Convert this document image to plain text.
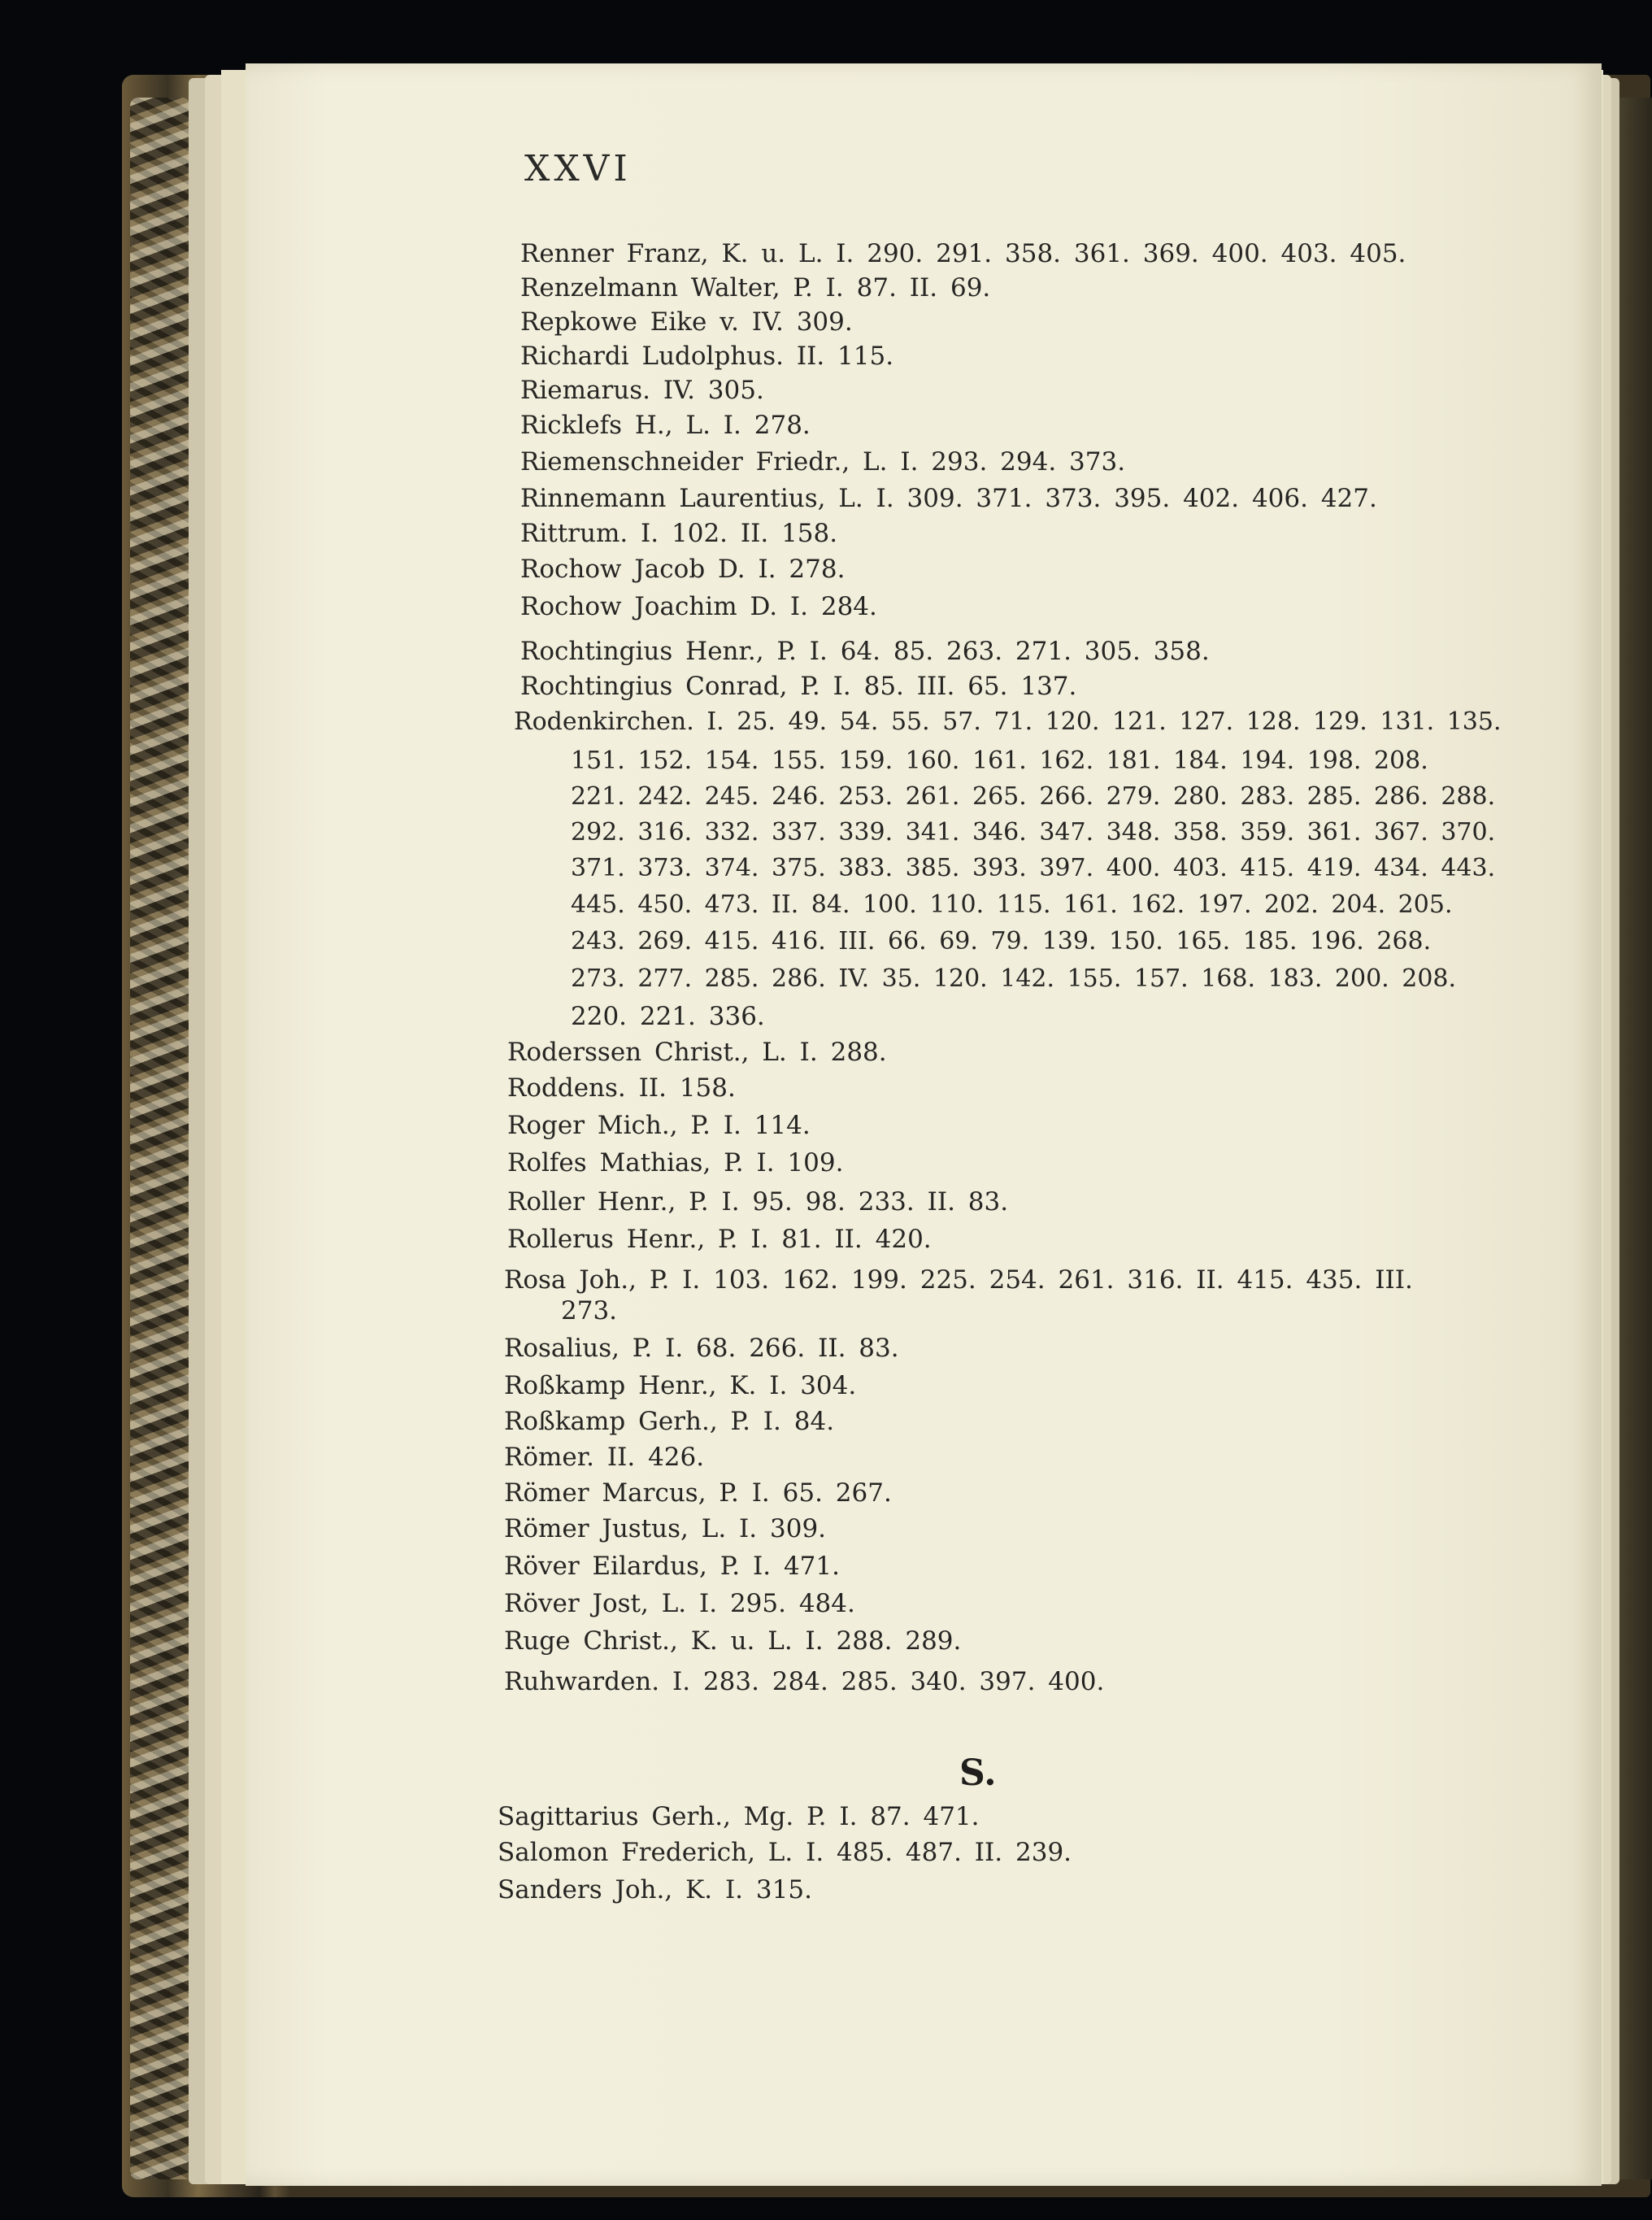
XXVI
Renner Franz, K. u. L. I. 290. 291. 358. 361. 369. 400. 403. 405.
Renzelmann Walter, P. I. 87. II. 69.
Repkowe Eike v. IV. 309.
Richardi Ludolphus. II. 115.
Riemarus. IV. 305.
Ricklefs H., L. I. 278.
Riemenschneider Friedr., L. I. 293. 294. 373.
Rinnemann Laurentius, L. I. 309. 371. 373. 395. 402. 406. 427.
Rittrum. I. 102. II. 158.
Rochow Jacob D. I. 278.
Rochow Joachim D. I. 284.
Rochtingius Henr., P. I. 64. 85. 263. 271. 305. 358.
Rochtingius Conrad, P. I. 85. III. 65. 137.
Rodenkirchen. I. 25. 49. 54. 55. 57. 71. 120. 121. 127. 128. 129. 131. 135.
151. 152. 154. 155. 159. 160. 161. 162. 181. 184. 194. 198. 208.
221. 242. 245. 246. 253. 261. 265. 266. 279. 280. 283. 285. 286. 288.
292. 316. 332. 337. 339. 341. 346. 347. 348. 358. 359. 361. 367. 370.
371. 373. 374. 375. 383. 385. 393. 397. 400. 403. 415. 419. 434. 443.
445. 450. 473. II. 84. 100. 110. 115. 161. 162. 197. 202. 204. 205.
243. 269. 415. 416. III. 66. 69. 79. 139. 150. 165. 185. 196. 268.
273. 277. 285. 286. IV. 35. 120. 142. 155. 157. 168. 183. 200. 208.
220. 221. 336.
Roderssen Christ., L. I. 288.
Roddens. II. 158.
Roger Mich., P. I. 114.
Rolfes Mathias, P. I. 109.
Roller Henr., P. I. 95. 98. 233. II. 83.
Rollerus Henr., P. I. 81. II. 420.
Rosa Joh., P. I. 103. 162. 199. 225. 254. 261. 316. II. 415. 435. III.
273.
Rosalius, P. I. 68. 266. II. 83.
Roßkamp Henr., K. I. 304.
Roßkamp Gerh., P. I. 84.
Römer. II. 426.
Römer Marcus, P. I. 65. 267.
Römer Justus, L. I. 309.
Röver Eilardus, P. I. 471.
Röver Jost, L. I. 295. 484.
Ruge Christ., K. u. L. I. 288. 289.
Ruhwarden. I. 283. 284. 285. 340. 397. 400.
S.
Sagittarius Gerh., Mg. P. I. 87. 471.
Salomon Frederich, L. I. 485. 487. II. 239.
Sanders Joh., K. I. 315.
